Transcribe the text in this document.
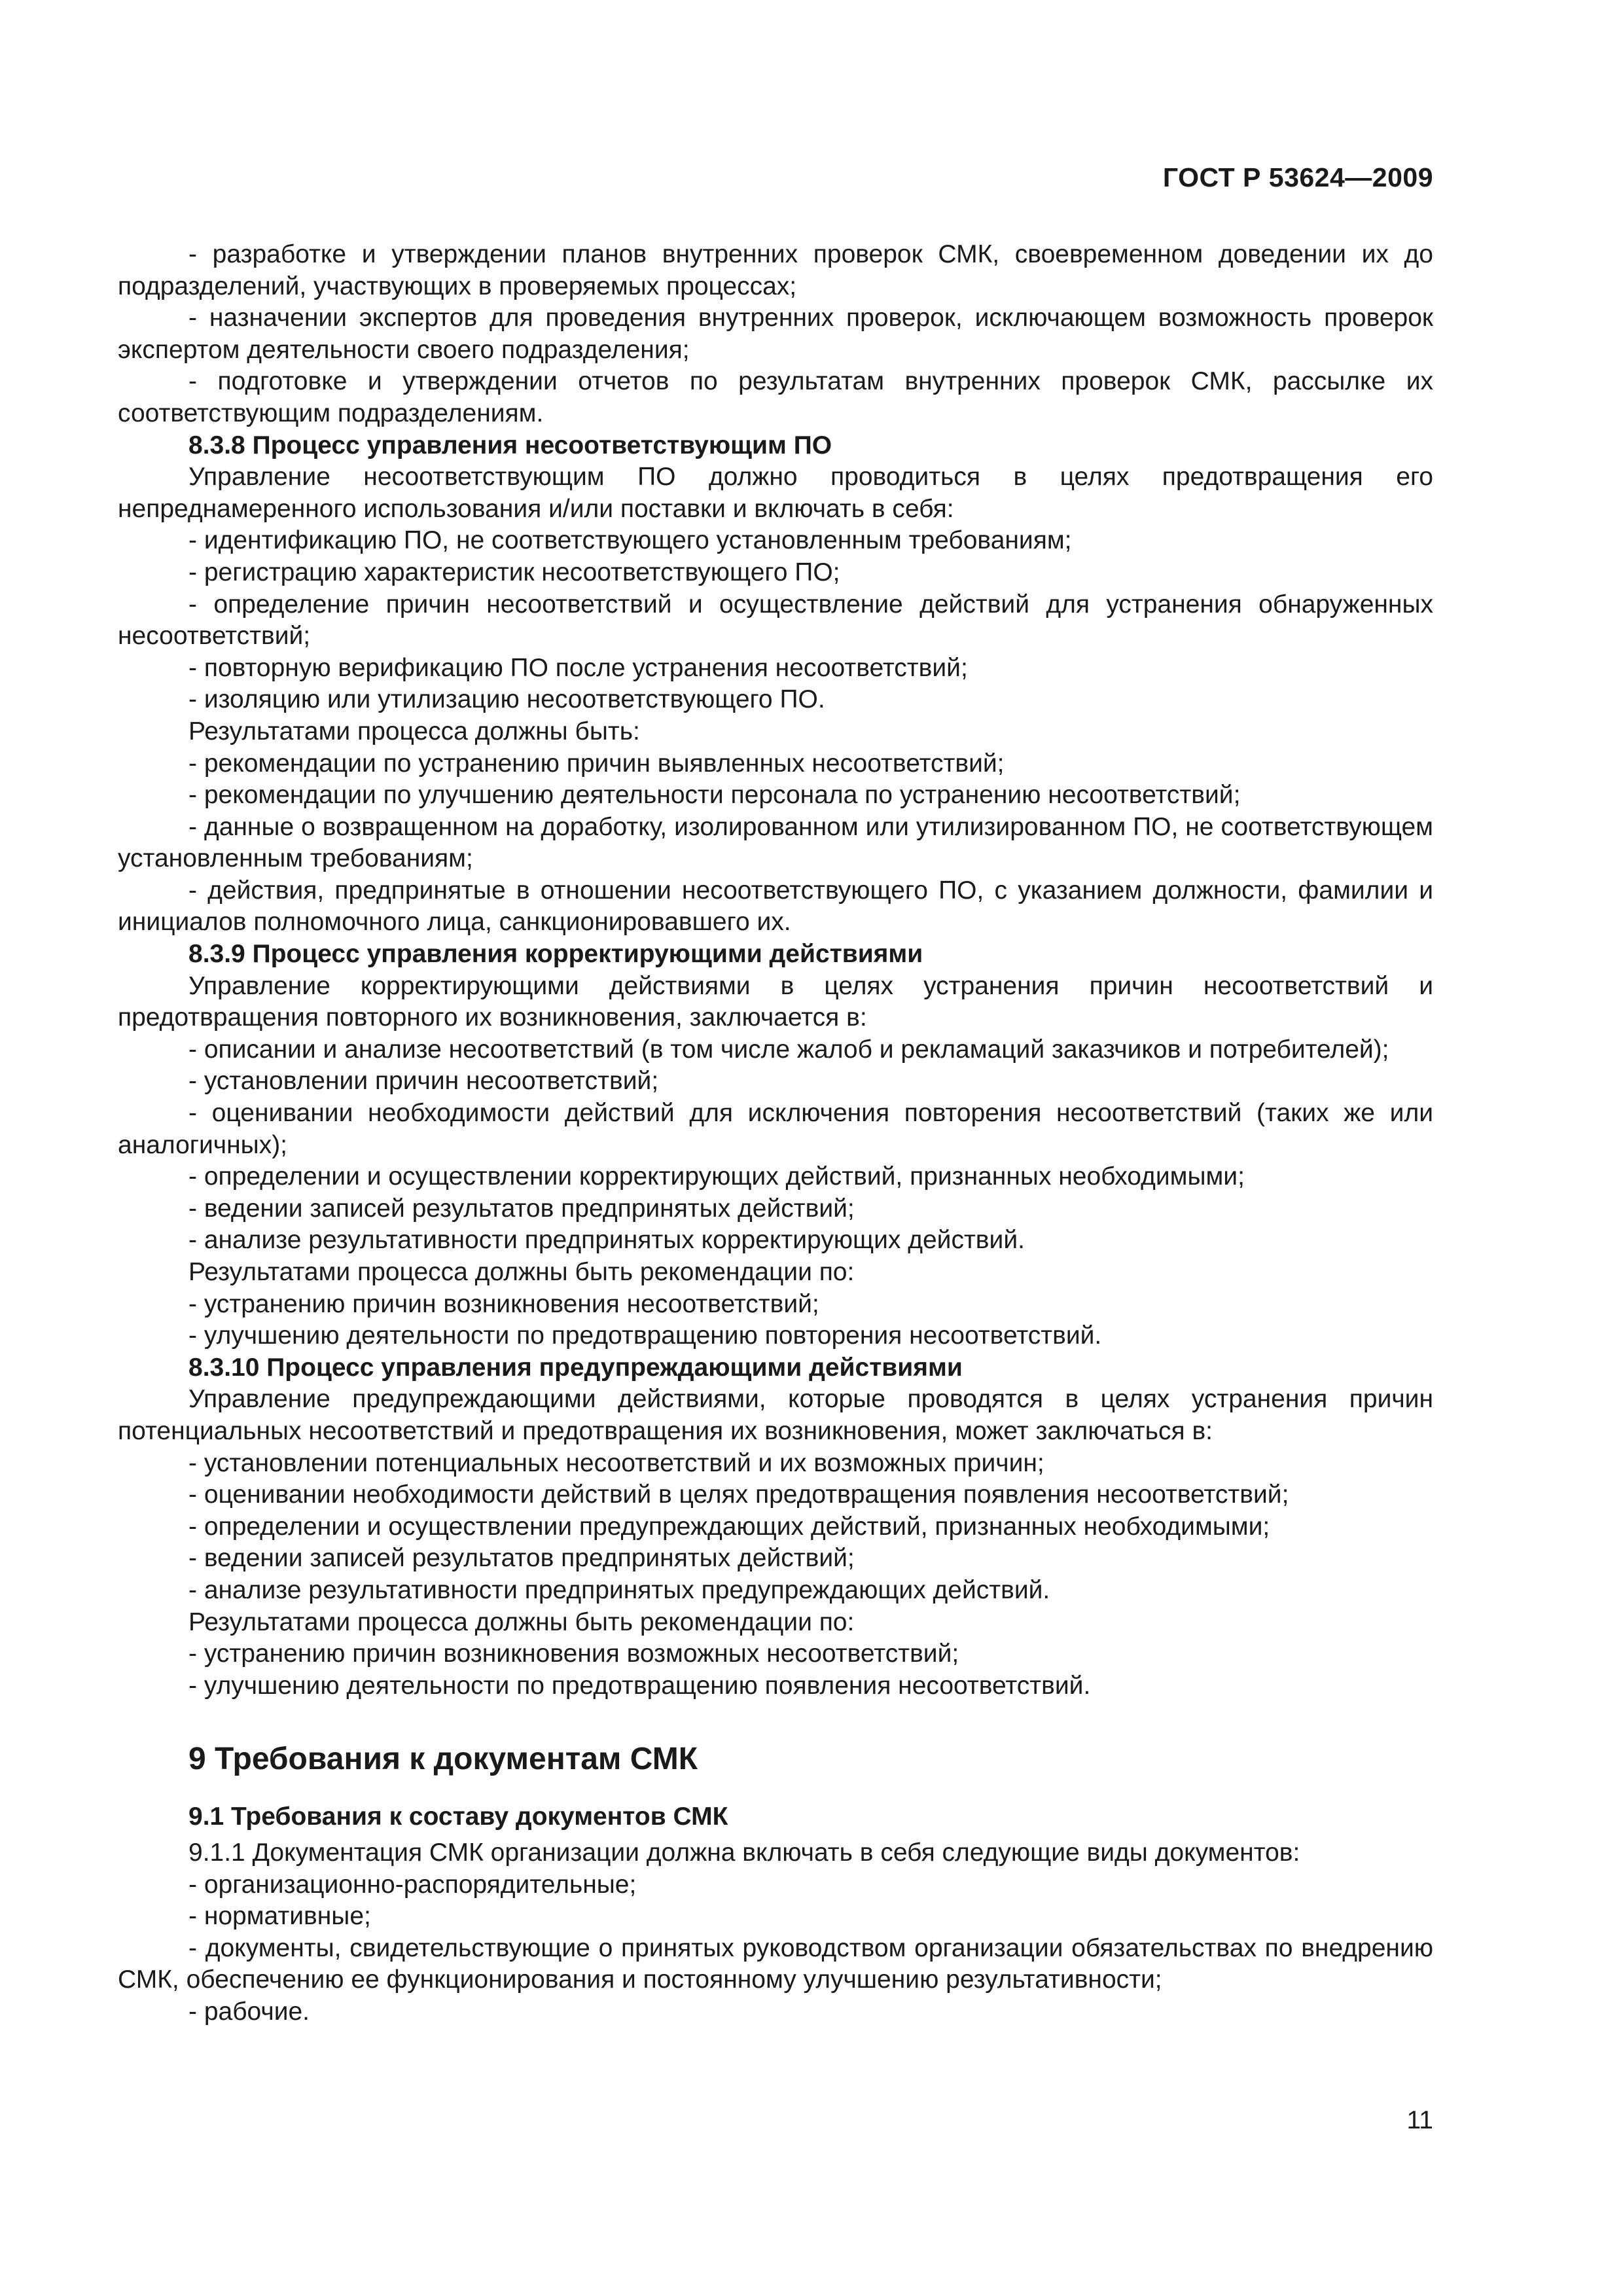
ГОСТ Р 53624—2009

- разработке и утверждении планов внутренних проверок СМК, своевременном доведении их до подразделений, участвующих в проверяемых процессах;

- назначении экспертов для проведения внутренних проверок, исключающем возможность проверок экспертом деятельности своего подразделения;

- подготовке и утверждении отчетов по результатам внутренних проверок СМК, рассылке их соответствующим подразделениям.

8.3.8 Процесс управления несоответствующим ПО

Управление несоответствующим ПО должно проводиться в целях предотвращения его непреднамеренного использования и/или поставки и включать в себя:

- идентификацию ПО, не соответствующего установленным требованиям;

- регистрацию характеристик несоответствующего ПО;

- определение причин несоответствий и осуществление действий для устранения обнаруженных несоответствий;

- повторную верификацию ПО после устранения несоответствий;

- изоляцию или утилизацию несоответствующего ПО.

Результатами процесса должны быть:

- рекомендации по устранению причин выявленных несоответствий;

- рекомендации по улучшению деятельности персонала по устранению несоответствий;

- данные о возвращенном на доработку, изолированном или утилизированном ПО, не соответствующем установленным требованиям;

- действия, предпринятые в отношении несоответствующего ПО, с указанием должности, фамилии и инициалов полномочного лица, санкционировавшего их.

8.3.9 Процесс управления корректирующими действиями

Управление корректирующими действиями в целях устранения причин несоответствий и предотвращения повторного их возникновения, заключается в:

- описании и анализе несоответствий (в том числе жалоб и рекламаций заказчиков и потребителей);

- установлении причин несоответствий;

- оценивании необходимости действий для исключения повторения несоответствий (таких же или аналогичных);

- определении и осуществлении корректирующих действий, признанных необходимыми;

- ведении записей результатов предпринятых действий;

- анализе результативности предпринятых корректирующих действий.

Результатами процесса должны быть рекомендации по:

- устранению причин возникновения несоответствий;

- улучшению деятельности по предотвращению повторения несоответствий.

8.3.10 Процесс управления предупреждающими действиями

Управление предупреждающими действиями, которые проводятся в целях устранения причин потенциальных несоответствий и предотвращения их возникновения, может заключаться в:

- установлении потенциальных несоответствий и их возможных причин;

- оценивании необходимости действий в целях предотвращения появления несоответствий;

- определении и осуществлении предупреждающих действий, признанных необходимыми;

- ведении записей результатов предпринятых действий;

- анализе результативности предпринятых предупреждающих действий.

Результатами процесса должны быть рекомендации по:

- устранению причин возникновения возможных несоответствий;

- улучшению деятельности по предотвращению появления несоответствий.

9 Требования к документам СМК

9.1 Требования к составу документов СМК

9.1.1 Документация СМК организации должна включать в себя следующие виды документов:

- организационно-распорядительные;

- нормативные;

- документы, свидетельствующие о принятых руководством организации обязательствах по внедрению СМК, обеспечению ее функционирования и постоянному улучшению результативности;

- рабочие.

11
